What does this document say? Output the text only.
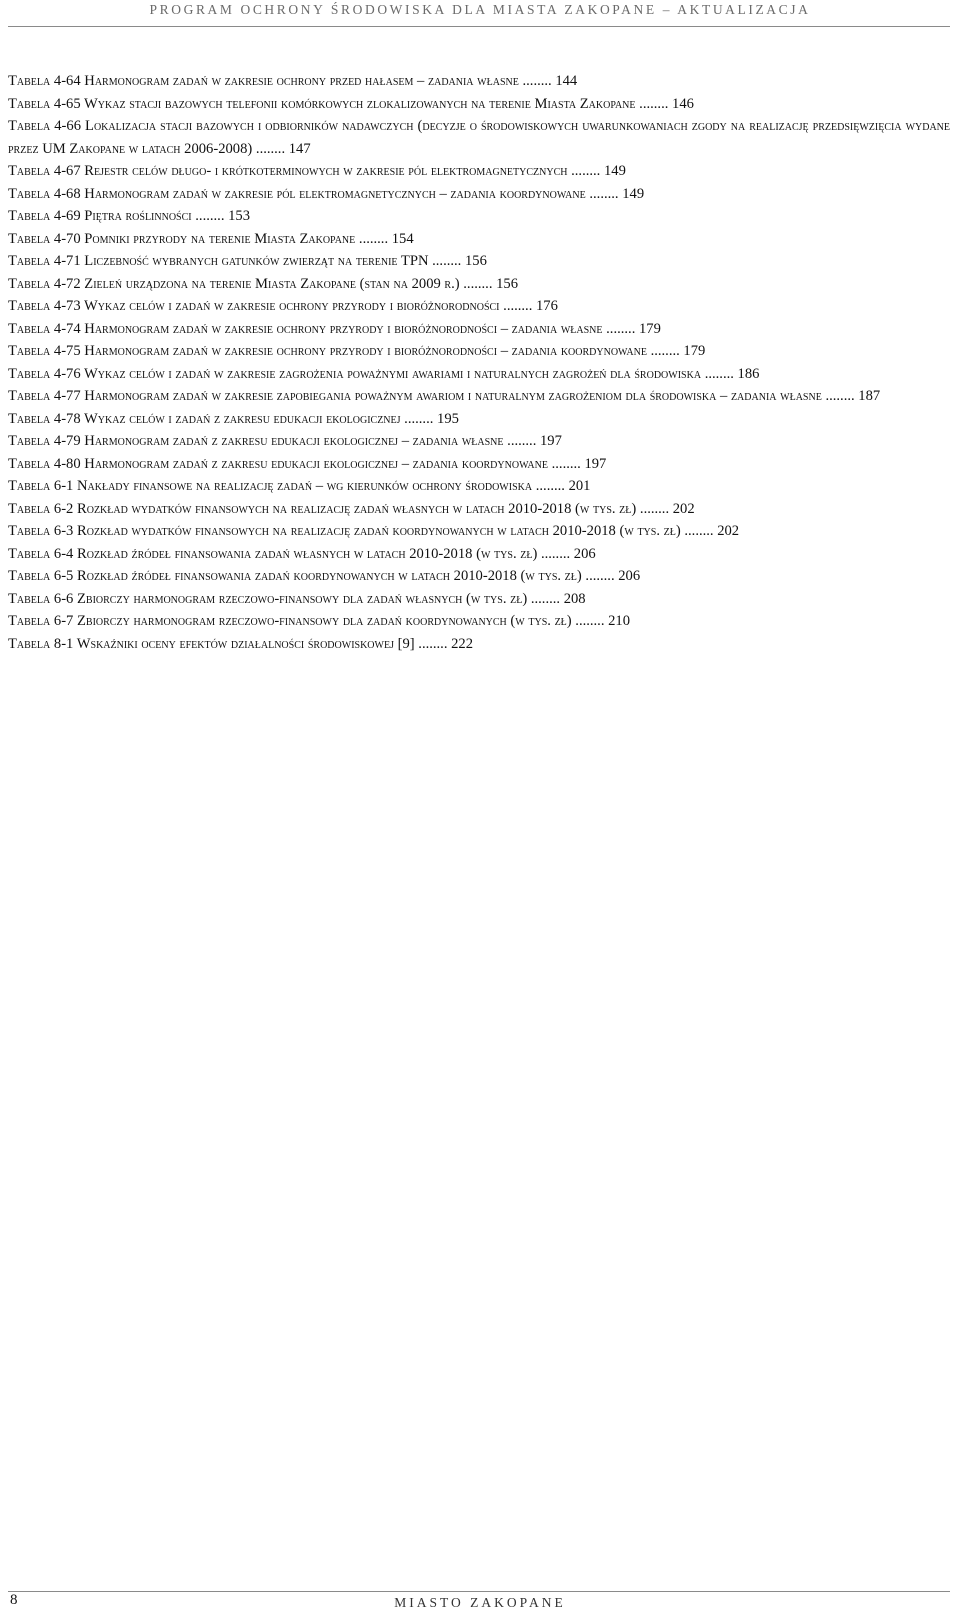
PROGRAM OCHRONY ŚRODOWISKA DLA MIASTA ZAKOPANE – AKTUALIZACJA
Tabela 4-64 Harmonogram zadań w zakresie ochrony przed hałasem – zadania własne ........ 144
Tabela 4-65 Wykaz stacji bazowych telefonii komórkowych zlokalizowanych na terenie Miasta Zakopane ........ 146
Tabela 4-66 Lokalizacja stacji bazowych i odbiorników nadawczych (decyzje o środowiskowych uwarunkowaniach zgody na realizację przedsięwzięcia wydane przez UM Zakopane w latach 2006-2008) ........ 147
Tabela 4-67 Rejestr celów długo- i krótkoterminowych w zakresie pól elektromagnetycznych ........ 149
Tabela 4-68 Harmonogram zadań w zakresie pól elektromagnetycznych – zadania koordynowane ........ 149
Tabela 4-69 Piętra roślinności ........ 153
Tabela 4-70 Pomniki przyrody na terenie Miasta Zakopane ........ 154
Tabela 4-71 Liczebność wybranych gatunków zwierząt na terenie TPN ........ 156
Tabela 4-72 Zieleń urządzona na terenie Miasta Zakopane (stan na 2009 r.) ........ 156
Tabela 4-73 Wykaz celów i zadań w zakresie ochrony przyrody i bioróżnorodności ........ 176
Tabela 4-74 Harmonogram zadań w zakresie ochrony przyrody i bioróżnorodności – zadania własne ........ 179
Tabela 4-75 Harmonogram zadań w zakresie ochrony przyrody i bioróżnorodności – zadania koordynowane ........ 179
Tabela 4-76 Wykaz celów i zadań w zakresie zagrożenia poważnymi awariami i naturalnych zagrożeń dla środowiska ........ 186
Tabela 4-77 Harmonogram zadań w zakresie zapobiegania poważnym awariom i naturalnym zagrożeniom dla środowiska – zadania własne ........ 187
Tabela 4-78 Wykaz celów i zadań z zakresu edukacji ekologicznej ........ 195
Tabela 4-79 Harmonogram zadań z zakresu edukacji ekologicznej – zadania własne ........ 197
Tabela 4-80 Harmonogram zadań z zakresu edukacji ekologicznej – zadania koordynowane ........ 197
Tabela 6-1 Nakłady finansowe na realizację zadań – wg kierunków ochrony środowiska ........ 201
Tabela 6-2 Rozkład wydatków finansowych na realizację zadań własnych w latach 2010-2018 (w tys. zł) ........ 202
Tabela 6-3 Rozkład wydatków finansowych na realizację zadań koordynowanych w latach 2010-2018 (w tys. zł) ........ 202
Tabela 6-4 Rozkład źródeł finansowania zadań własnych w latach 2010-2018 (w tys. zł) ........ 206
Tabela 6-5 Rozkład źródeł finansowania zadań koordynowanych w latach 2010-2018 (w tys. zł) ........ 206
Tabela 6-6 Zbiorczy harmonogram rzeczowo-finansowy dla zadań własnych (w tys. zł) ........ 208
Tabela 6-7 Zbiorczy harmonogram rzeczowo-finansowy dla zadań koordynowanych (w tys. zł) ........ 210
Tabela 8-1 Wskaźniki oceny efektów działalności środowiskowej [9] ........ 222
8	MIASTO ZAKOPANE
